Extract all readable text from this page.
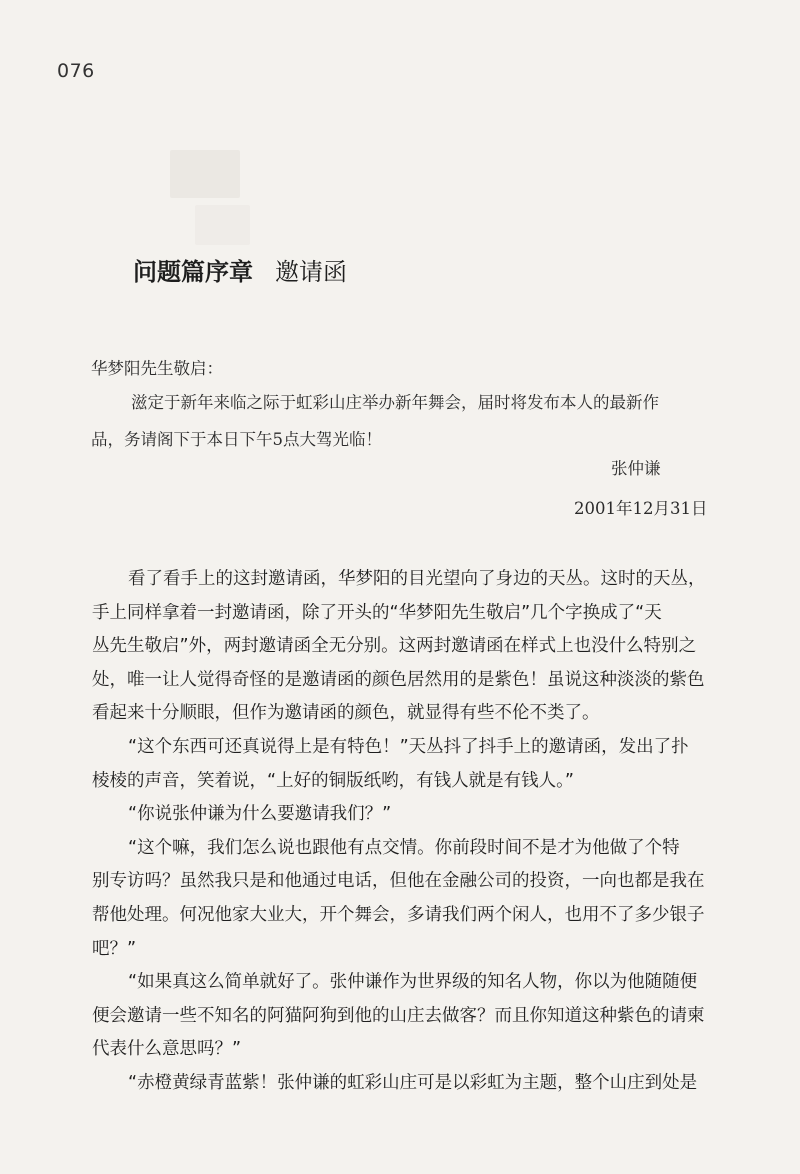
076
问题篇序章 邀请函
华梦阳先生敬启：
滋定于新年来临之际于虹彩山庄举办新年舞会，届时将发布本人的最新作
品，务请阁下于本日下午5点大驾光临！
张仲谦
2001年12月31日
看了看手上的这封邀请函，华梦阳的目光望向了身边的天丛。这时的天丛，
手上同样拿着一封邀请函，除了开头的“华梦阳先生敬启”几个字换成了“天
丛先生敬启”外，两封邀请函全无分别。这两封邀请函在样式上也没什么特别之
处，唯一让人觉得奇怪的是邀请函的颜色居然用的是紫色！虽说这种淡淡的紫色
看起来十分顺眼，但作为邀请函的颜色，就显得有些不伦不类了。
“这个东西可还真说得上是有特色！”天丛抖了抖手上的邀请函，发出了扑
棱棱的声音，笑着说，“上好的铜版纸哟，有钱人就是有钱人。”
“你说张仲谦为什么要邀请我们？”
“这个嘛，我们怎么说也跟他有点交情。你前段时间不是才为他做了个特
别专访吗？虽然我只是和他通过电话，但他在金融公司的投资，一向也都是我在
帮他处理。何况他家大业大，开个舞会，多请我们两个闲人，也用不了多少银子
吧？”
“如果真这么简单就好了。张仲谦作为世界级的知名人物，你以为他随随便
便会邀请一些不知名的阿猫阿狗到他的山庄去做客？而且你知道这种紫色的请柬
代表什么意思吗？”
“赤橙黄绿青蓝紫！张仲谦的虹彩山庄可是以彩虹为主题，整个山庄到处是
